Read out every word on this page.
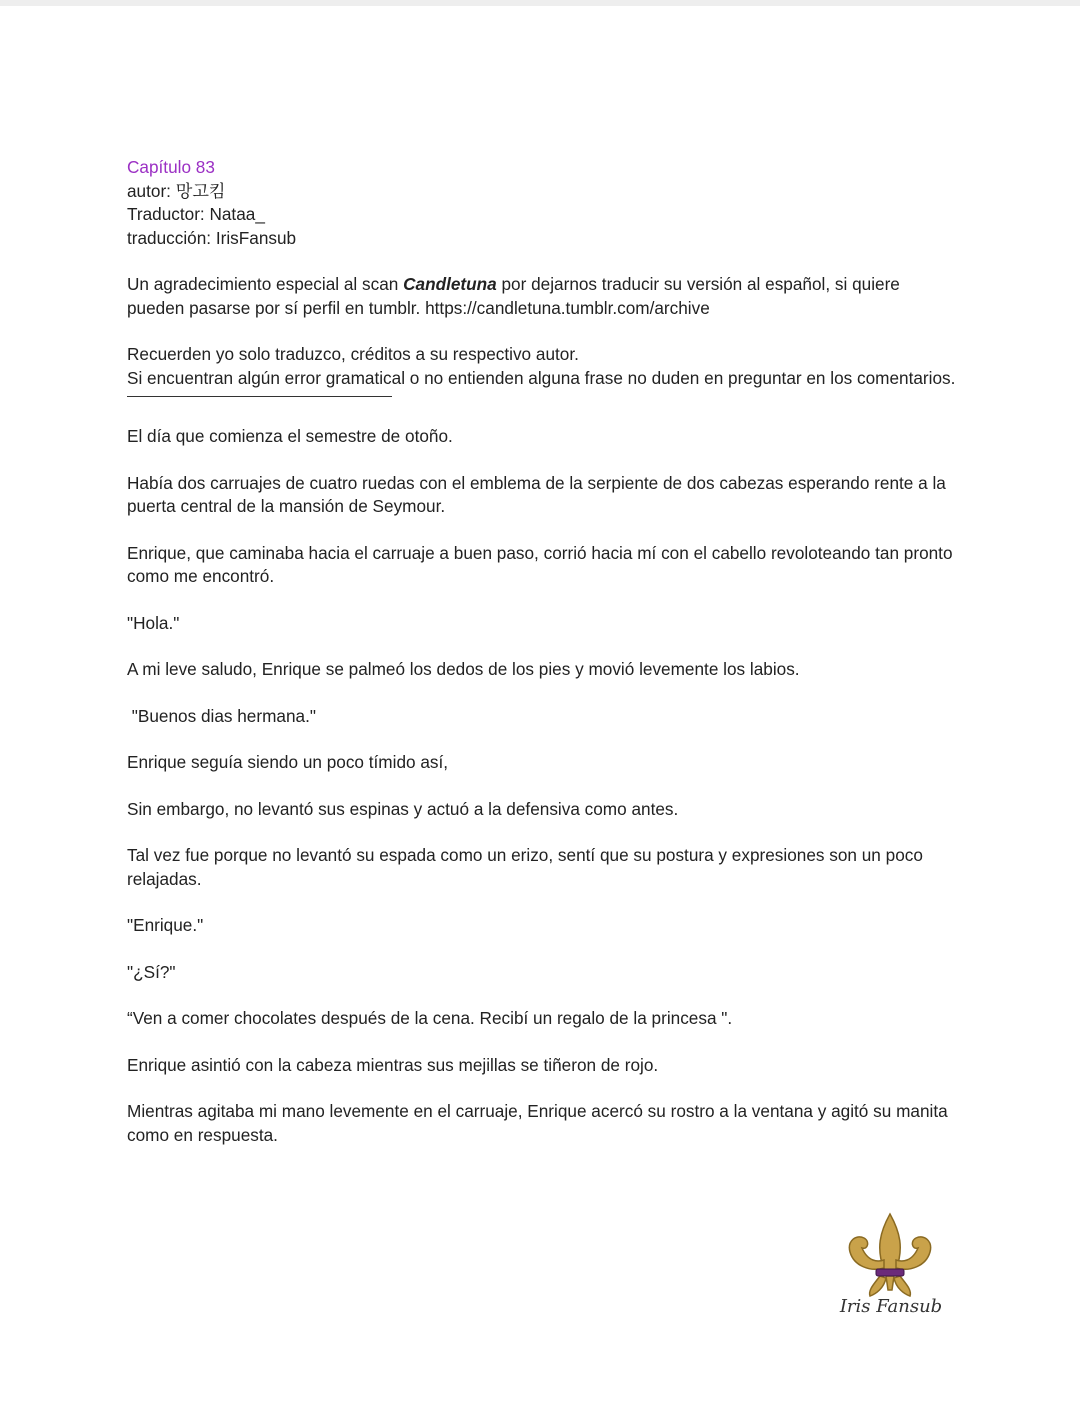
Capítulo 83

autor: 망고킴

Traductor: Nataa_

traducción: IrisFansub

Un agradecimiento especial al scan Candletuna por dejarnos traducir su versión al español, si quiere pueden pasarse por sí perfil en tumblr. https://candletuna.tumblr.com/archive

Recuerden yo solo traduzco, créditos a su respectivo autor.

Si encuentran algún error gramatical o no entienden alguna frase no duden en preguntar en los comentarios.

El día que comienza el semestre de otoño.

Había dos carruajes de cuatro ruedas con el emblema de la serpiente de dos cabezas esperando rente a la puerta central de la mansión de Seymour.

Enrique, que caminaba hacia el carruaje a buen paso, corrió hacia mí con el cabello revoloteando tan pronto como me encontró.

"Hola."

A mi leve saludo, Enrique se palmeó los dedos de los pies y movió levemente los labios.

"Buenos dias hermana."

Enrique seguía siendo un poco tímido así,

Sin embargo, no levantó sus espinas y actuó a la defensiva como antes.

Tal vez fue porque no levantó su espada como un erizo, sentí que su postura y expresiones son un poco relajadas.

"Enrique."

"¿Sí?"

“Ven a comer chocolates después de la cena. Recibí un regalo de la princesa ".

Enrique asintió con la cabeza mientras sus mejillas se tiñeron de rojo.

Mientras agitaba mi mano levemente en el carruaje, Enrique acercó su rostro a la ventana y agitó su manita como en respuesta.

Iris Fansub
